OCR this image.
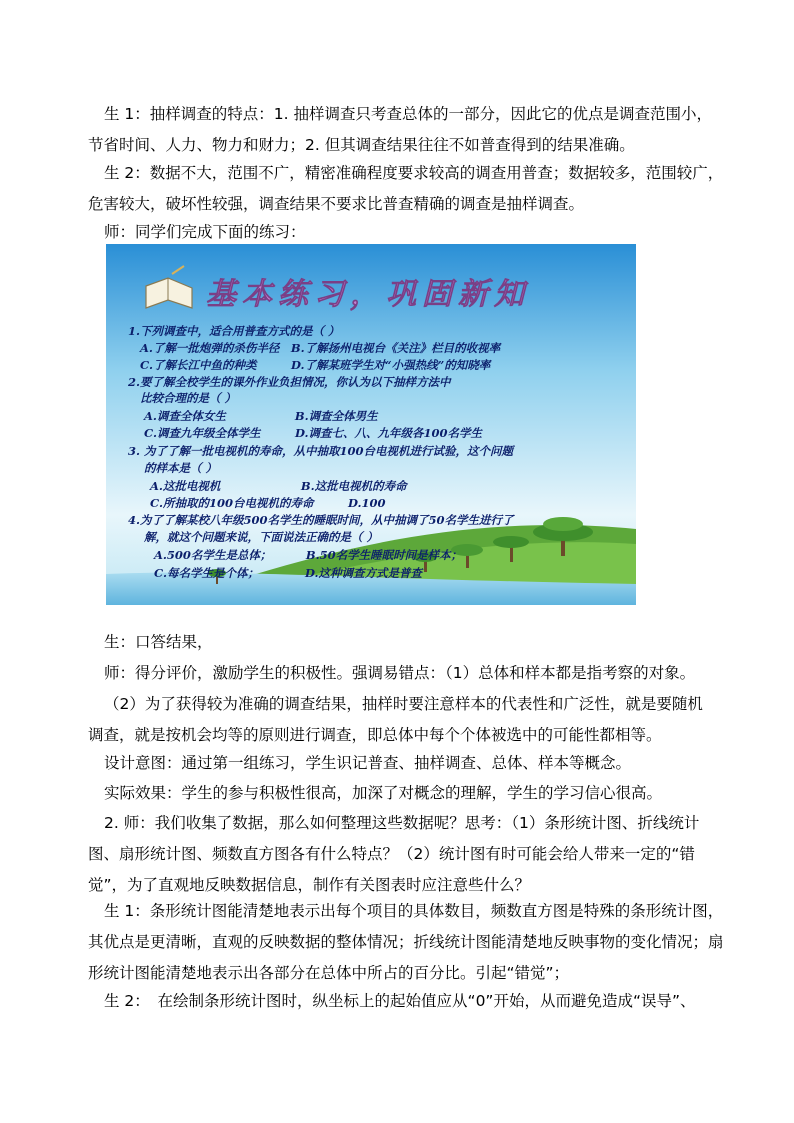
生 1：抽样调查的特点：1. 抽样调查只考查总体的一部分，因此它的优点是调查范围小，
节省时间、人力、物力和财力；2. 但其调查结果往往不如普查得到的结果准确。

生 2：数据不大，范围不广，精密准确程度要求较高的调查用普查；数据较多，范围较广，
危害较大，破坏性较强，调查结果不要求比普查精确的调查是抽样调查。

师：同学们完成下面的练习：

基本练习，巩固新知
1.下列调查中，适合用普查方式的是（ ）
A.了解一批炮弹的杀伤半径　B.了解扬州电视台《关注》栏目的收视率
C.了解长江中鱼的种类　　　D.了解某班学生对“小强热线”的知晓率
2.要了解全校学生的课外作业负担情况，你认为以下抽样方法中
比较合理的是（ ）
A.调查全体女生　　　　　　B.调查全体男生
C.调查九年级全体学生　　　D.调查七、八、九年级各100名学生
3. 为了了解一批电视机的寿命，从中抽取100台电视机进行试验，这个问题
的样本是（ ）
A.这批电视机　　　　　　　B.这批电视机的寿命
C.所抽取的100台电视机的寿命　　　D.100
4.为了了解某校八年级500名学生的睡眠时间，从中抽调了50名学生进行了
解，就这个问题来说，下面说法正确的是（ ）
A.500名学生是总体；　　　B.50名学生睡眠时间是样本；
C.每名学生是个体；　　　　D.这种调查方式是普查

生：口答结果，

师：得分评价，激励学生的积极性。强调易错点：（1）总体和样本都是指考察的对象。

（2）为了获得较为准确的调查结果，抽样时要注意样本的代表性和广泛性，就是要随机
调查，就是按机会均等的原则进行调查，即总体中每个个体被选中的可能性都相等。

设计意图：通过第一组练习，学生识记普查、抽样调查、总体、样本等概念。

实际效果：学生的参与积极性很高，加深了对概念的理解，学生的学习信心很高。

2. 师：我们收集了数据，那么如何整理这些数据呢？思考：（1）条形统计图、折线统计
图、扇形统计图、频数直方图各有什么特点？（2）统计图有时可能会给人带来一定的“错
觉”，为了直观地反映数据信息，制作有关图表时应注意些什么？

生 1：条形统计图能清楚地表示出每个项目的具体数目，频数直方图是特殊的条形统计图，
其优点是更清晰，直观的反映数据的整体情况；折线统计图能清楚地反映事物的变化情况；扇
形统计图能清楚地表示出各部分在总体中所占的百分比。引起“错觉”；

生 2：　在绘制条形统计图时，纵坐标上的起始值应从“0”开始，从而避免造成“误导”、
